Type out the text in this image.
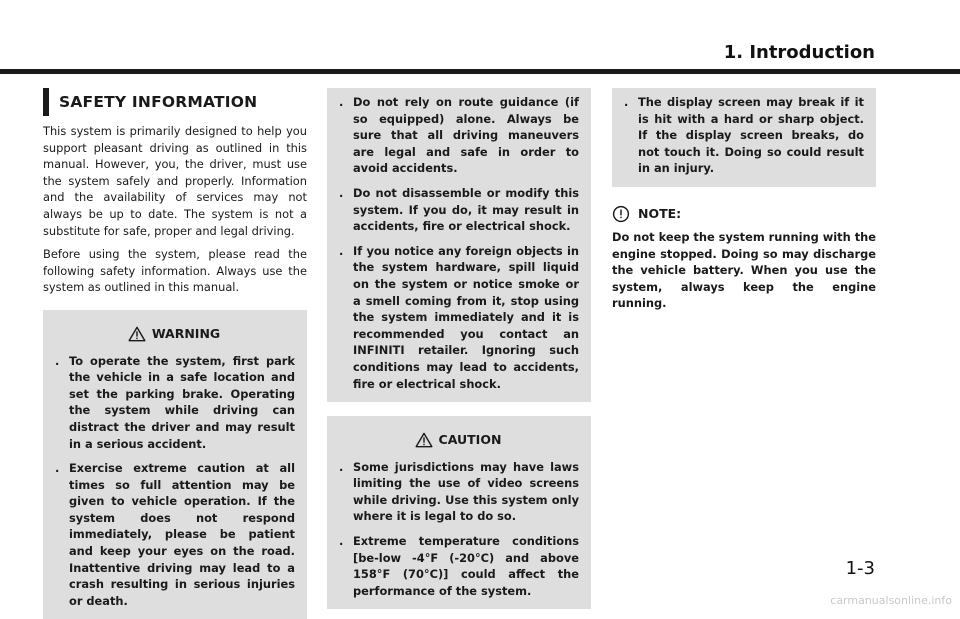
1. Introduction
SAFETY INFORMATION

This system is primarily designed to help you support pleasant driving as outlined in this manual. However, you, the driver, must use the system safely and properly. Information and the availability of services may not always be up to date. The system is not a substitute for safe, proper and legal driving.

Before using the system, please read the following safety information. Always use the system as outlined in this manual.

WARNING
. To operate the system, first park the vehicle in a safe location and set the parking brake. Operating the system while driving can distract the driver and may result in a serious accident.
. Exercise extreme caution at all times so full attention may be given to vehicle operation. If the system does not respond immediately, please be patient and keep your eyes on the road. Inattentive driving may lead to a crash resulting in serious injuries or death.
. Do not rely on route guidance (if so equipped) alone. Always be sure that all driving maneuvers are legal and safe in order to avoid accidents.
. Do not disassemble or modify this system. If you do, it may result in accidents, fire or electrical shock.
. If you notice any foreign objects in the system hardware, spill liquid on the system or notice smoke or a smell coming from it, stop using the system immediately and it is recommended you contact an INFINITI retailer. Ignoring such conditions may lead to accidents, fire or electrical shock.
CAUTION
. Some jurisdictions may have laws limiting the use of video screens while driving. Use this system only where it is legal to do so.
. Extreme temperature conditions [be-low -4°F (-20°C) and above 158°F (70°C)] could affect the performance of the system.
. The display screen may break if it is hit with a hard or sharp object. If the display screen breaks, do not touch it. Doing so could result in an injury.
NOTE:

Do not keep the system running with the engine stopped. Doing so may discharge the vehicle battery. When you use the system, always keep the engine running.

1-3
carmanualsonline.info
